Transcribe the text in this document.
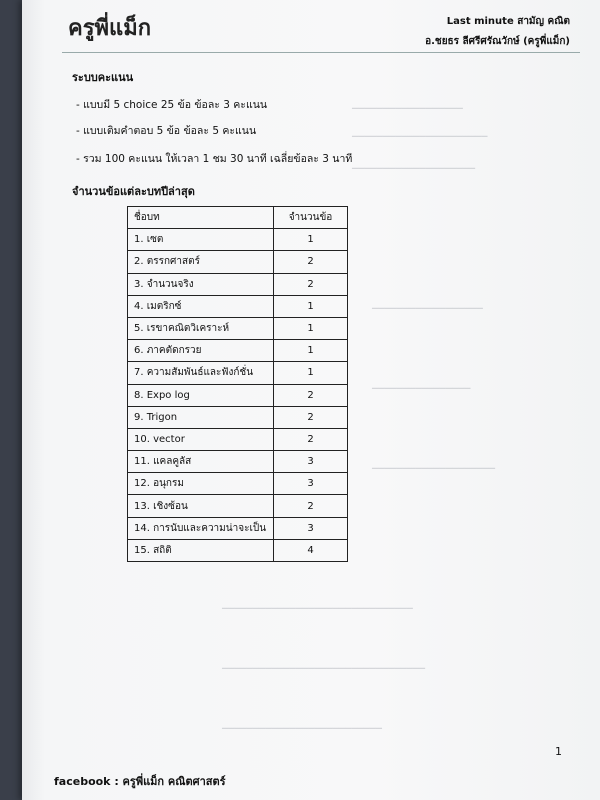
▁▁▁▁▁▁▁▁▁▁▁▁▁▁▁▁▁▁
▁▁▁▁▁▁▁▁▁▁▁▁▁▁▁▁▁▁▁▁▁▁
▁▁▁▁▁▁▁▁▁▁▁▁▁▁▁▁▁▁▁▁
▁▁▁▁▁▁▁▁▁▁▁▁▁▁▁▁▁▁
▁▁▁▁▁▁▁▁▁▁▁▁▁▁▁▁
▁▁▁▁▁▁▁▁▁▁▁▁▁▁▁▁▁▁▁▁
▁▁▁▁▁▁▁▁▁▁▁▁▁▁▁▁▁▁▁▁▁▁▁▁▁▁▁▁▁▁▁
▁▁▁▁▁▁▁▁▁▁▁▁▁▁▁▁▁▁▁▁▁▁▁▁▁▁▁▁▁▁▁▁▁
▁▁▁▁▁▁▁▁▁▁▁▁▁▁▁▁▁▁▁▁▁▁▁▁▁▁
ครูพี่แม็ก	Last minute สามัญ คณิต
อ.ชยธร ลีศรีศรัณวักษ์ (ครูพี่แม็ก)
ระบบคะแนน
- แบบมี 5 choice 25 ข้อ ข้อละ 3 คะแนน
- แบบเติมคำตอบ 5 ข้อ ข้อละ 5 คะแนน
- รวม 100 คะแนน ให้เวลา 1 ชม 30 นาที เฉลี่ยข้อละ 3 นาที
จำนวนข้อแต่ละบทปีล่าสุด
ชื่อบท	จำนวนข้อ
1. เซต	1
2. ตรรกศาสตร์	2
3. จำนวนจริง	2
4. เมตริกซ์	1
5. เรขาคณิตวิเคราะห์	1
6. ภาคตัดกรวย	1
7. ความสัมพันธ์และฟังก์ชั่น	1
8. Expo log	2
9. Trigon	2
10. vector	2
11. แคลคูลัส	3
12. อนุกรม	3
13. เชิงซ้อน	2
14. การนับและความน่าจะเป็น	3
15. สถิติ	4
1
facebook : ครูพี่แม็ก คณิตศาสตร์
